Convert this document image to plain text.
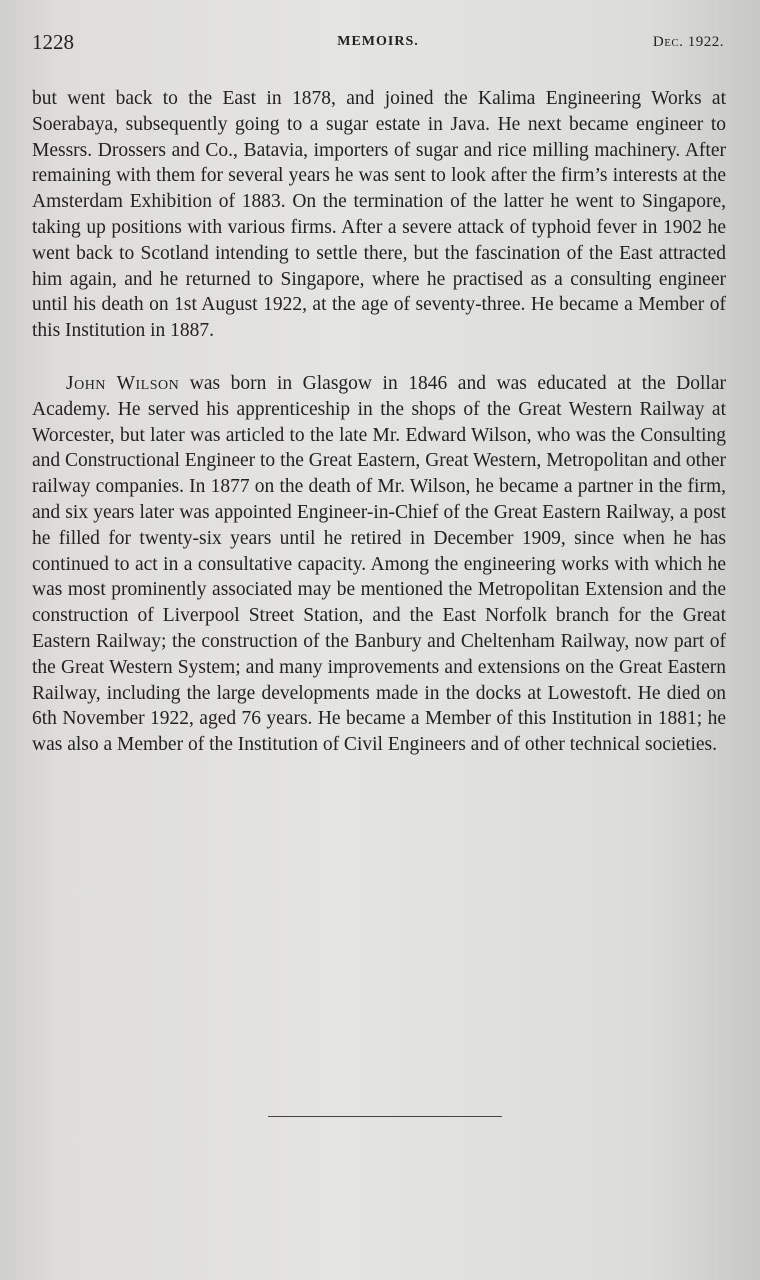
1228	MEMOIRS.	Dec. 1922.

but went back to the East in 1878, and joined the Kalima Engineering Works at Soerabaya, subsequently going to a sugar estate in Java. He next became engineer to Messrs. Drossers and Co., Batavia, importers of sugar and rice milling machinery. After remaining with them for several years he was sent to look after the firm’s interests at the Amsterdam Exhibition of 1883. On the termination of the latter he went to Singapore, taking up positions with various firms. After a severe attack of typhoid fever in 1902 he went back to Scotland intending to settle there, but the fascination of the East attracted him again, and he returned to Singapore, where he practised as a consulting engineer until his death on 1st August 1922, at the age of seventy-three. He became a Member of this Institution in 1887.

John Wilson was born in Glasgow in 1846 and was educated at the Dollar Academy. He served his apprenticeship in the shops of the Great Western Railway at Worcester, but later was articled to the late Mr. Edward Wilson, who was the Consulting and Constructional Engineer to the Great Eastern, Great Western, Metropolitan and other railway companies. In 1877 on the death of Mr. Wilson, he became a partner in the firm, and six years later was appointed Engineer-in-Chief of the Great Eastern Railway, a post he filled for twenty-six years until he retired in December 1909, since when he has continued to act in a consultative capacity. Among the engineering works with which he was most prominently associated may be mentioned the Metropolitan Extension and the construction of Liverpool Street Station, and the East Norfolk branch for the Great Eastern Railway; the construction of the Banbury and Cheltenham Railway, now part of the Great Western System; and many improvements and extensions on the Great Eastern Railway, including the large developments made in the docks at Lowestoft. He died on 6th November 1922, aged 76 years. He became a Member of this Institution in 1881; he was also a Member of the Institution of Civil Engineers and of other technical societies.
